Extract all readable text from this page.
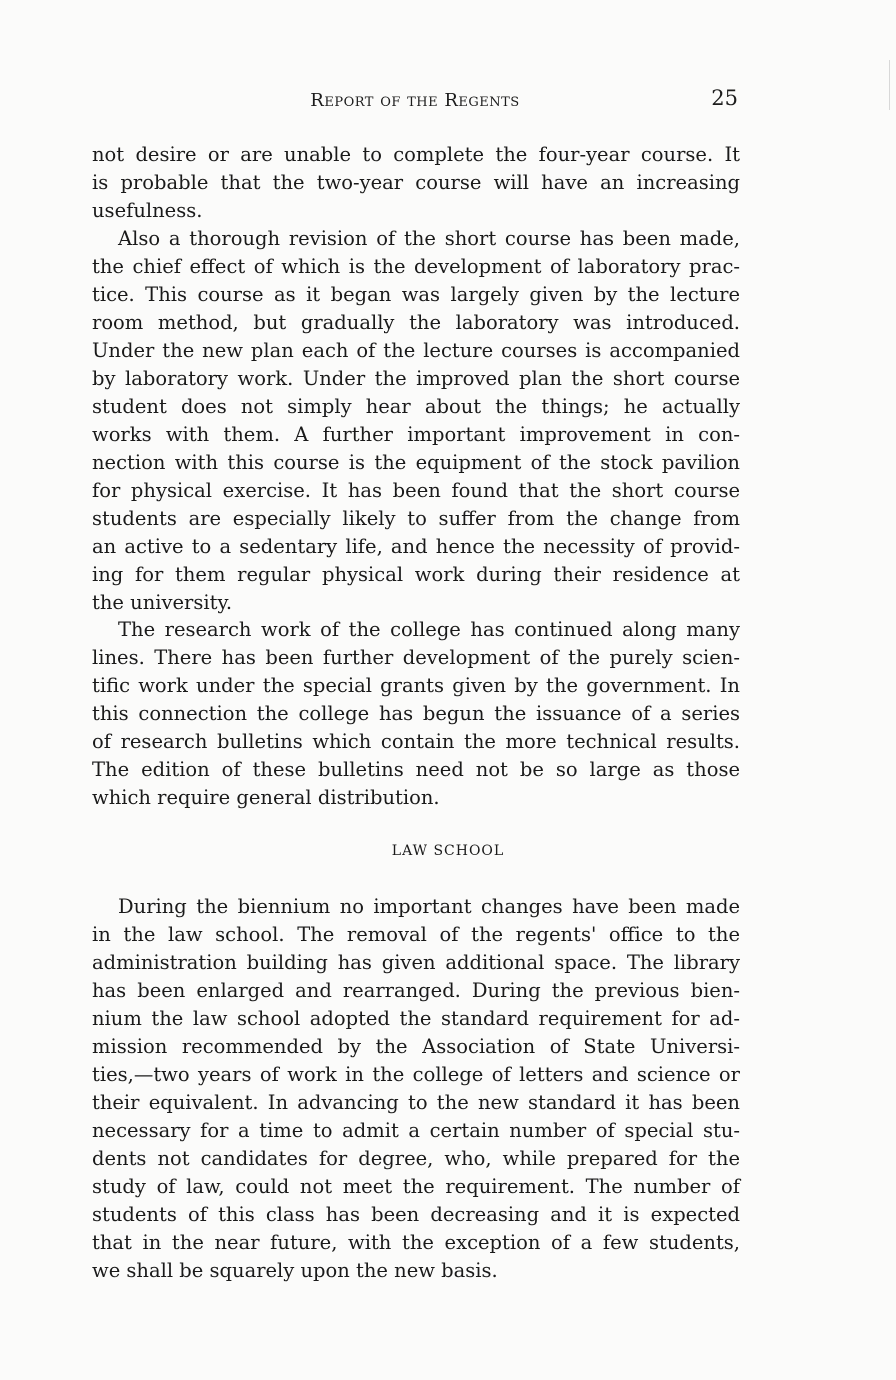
Report of the Regents	25
not desire or are unable to complete the four-year course. It
is probable that the two-year course will have an increasing
usefulness.
Also a thorough revision of the short course has been made,
the chief effect of which is the development of laboratory prac-
tice. This course as it began was largely given by the lecture
room method, but gradually the laboratory was introduced.
Under the new plan each of the lecture courses is accompanied
by laboratory work. Under the improved plan the short course
student does not simply hear about the things; he actually
works with them. A further important improvement in con-
nection with this course is the equipment of the stock pavilion
for physical exercise. It has been found that the short course
students are especially likely to suffer from the change from
an active to a sedentary life, and hence the necessity of provid-
ing for them regular physical work during their residence at
the university.
The research work of the college has continued along many
lines. There has been further development of the purely scien-
tific work under the special grants given by the government. In
this connection the college has begun the issuance of a series
of research bulletins which contain the more technical results.
The edition of these bulletins need not be so large as those
which require general distribution.
LAW SCHOOL
During the biennium no important changes have been made
in the law school. The removal of the regents' office to the
administration building has given additional space. The library
has been enlarged and rearranged. During the previous bien-
nium the law school adopted the standard requirement for ad-
mission recommended by the Association of State Universi-
ties,—two years of work in the college of letters and science or
their equivalent. In advancing to the new standard it has been
necessary for a time to admit a certain number of special stu-
dents not candidates for degree, who, while prepared for the
study of law, could not meet the requirement. The number of
students of this class has been decreasing and it is expected
that in the near future, with the exception of a few students,
we shall be squarely upon the new basis.
